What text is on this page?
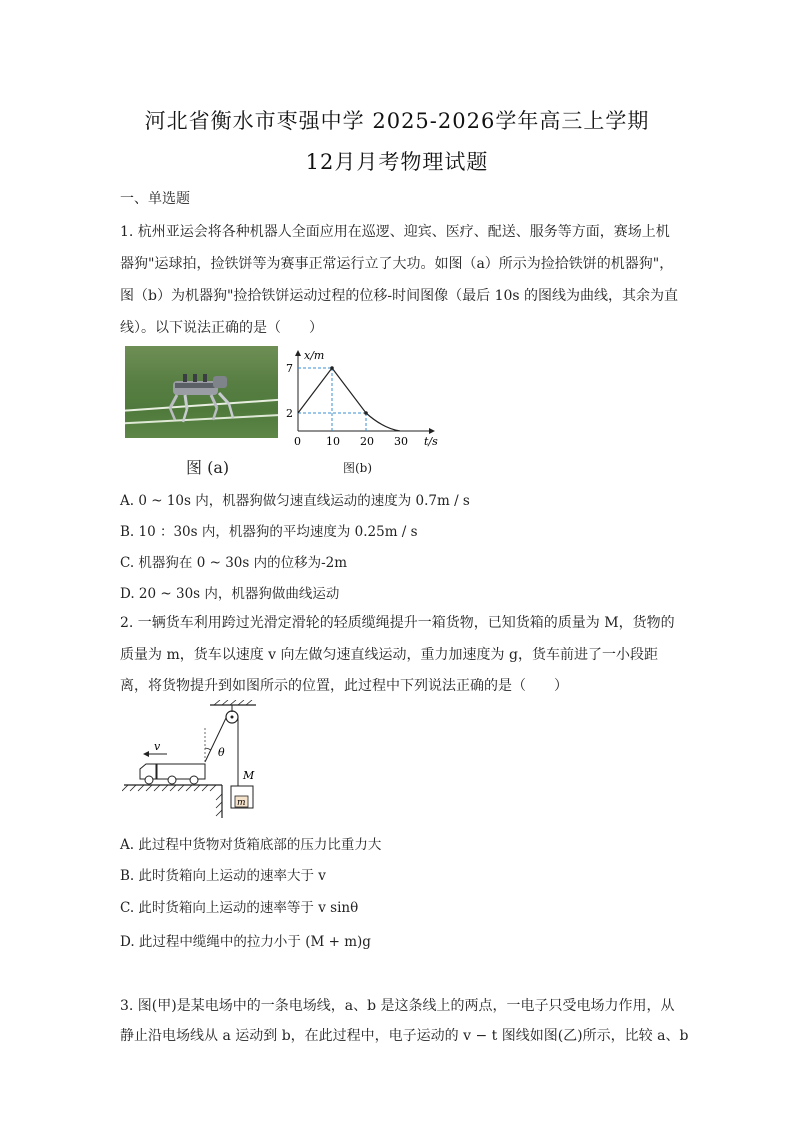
河北省衡水市枣强中学 2025-2026学年高三上学期
12月月考物理试题
一、单选题
1. 杭州亚运会将各种机器人全面应用在巡逻、迎宾、医疗、配送、服务等方面，赛场上机
器狗"运球拍，捡铁饼等为赛事正常运行立了大功。如图（a）所示为捡拾铁饼的机器狗"，
图（b）为机器狗"捡拾铁饼运动过程的位移-时间图像（最后 10s 的图线为曲线，其余为直
线）。以下说法正确的是（　　）
图 (a)
x/m
t/s
0
2
7
10 20 30
图(b)
A. 0 ~ 10s 内，机器狗做匀速直线运动的速度为 0.7m / s
B. 10 ：30s 内，机器狗的平均速度为 0.25m / s
C. 机器狗在 0 ~ 30s 内的位移为-2m
D. 20 ~ 30s 内，机器狗做曲线运动
2. 一辆货车利用跨过光滑定滑轮的轻质缆绳提升一箱货物，已知货箱的质量为 M，货物的
质量为 m，货车以速度 v 向左做匀速直线运动，重力加速度为 g，货车前进了一小段距
离，将货物提升到如图所示的位置，此过程中下列说法正确的是（　　）
θ
v
M
m
A. 此过程中货物对货箱底部的压力比重力大
B. 此时货箱向上运动的速率大于 v
C. 此时货箱向上运动的速率等于 v sinθ
D. 此过程中缆绳中的拉力小于 (M + m)g
3. 图(甲)是某电场中的一条电场线，a、b 是这条线上的两点，一电子只受电场力作用，从
静止沿电场线从 a 运动到 b，在此过程中，电子运动的 v − t 图线如图(乙)所示，比较 a、b
